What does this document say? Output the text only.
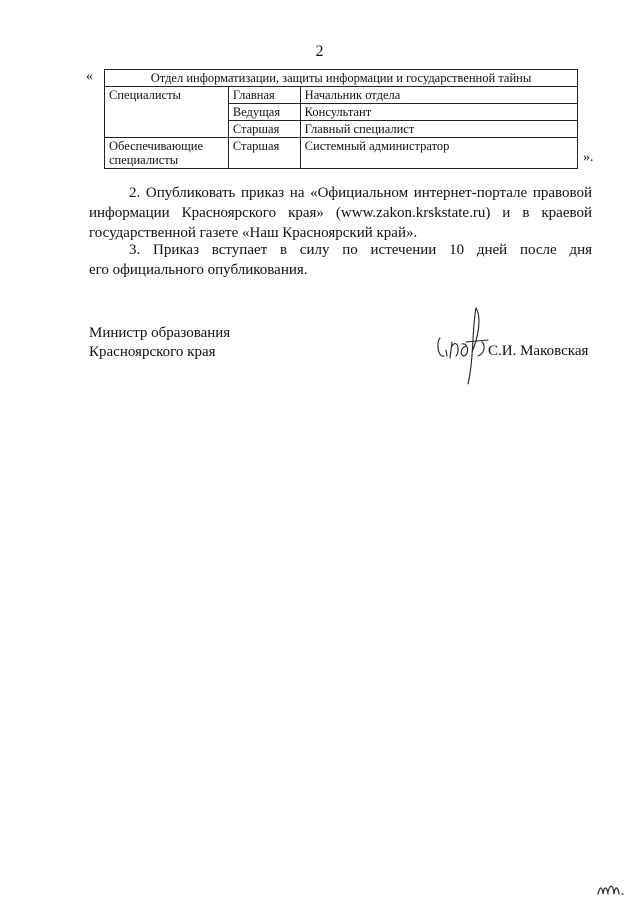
2
«	Отдел информатизации, защиты информации и государственной тайны		
Специалисты	Главная	Начальник отдела
	Ведущая	Консультант
	Старшая	Главный специалист
Обеспечивающие специалисты	Старшая	Системный администратор
».

2. Опубликовать приказ на «Официальном интернет-портале правовой информации Красноярского края» (www.zakon.krskstate.ru) и в краевой государственной газете «Наш Красноярский край».

3. Приказ вступает в силу по истечении 10 дней после дня
его официального опубликования.
Министр образования
Красноярского края	С.И. Маковская
